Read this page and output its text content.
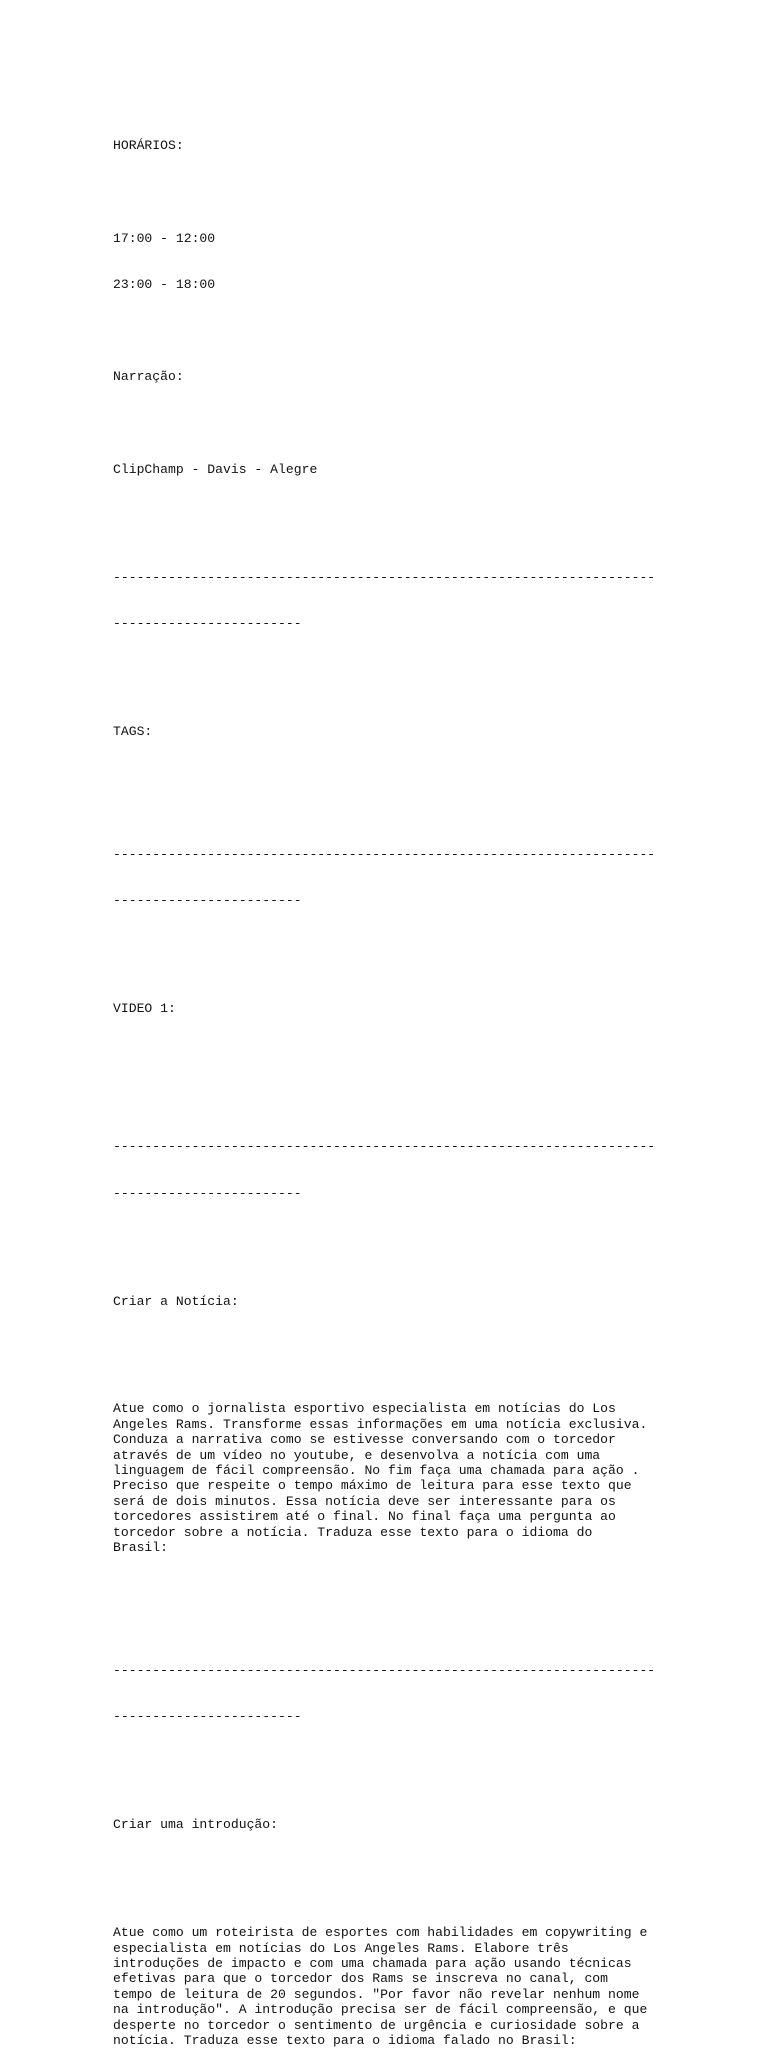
HORÁRIOS:

17:00 - 12:00

23:00 - 18:00

Narração:

ClipChamp - Davis - Alegre

---------------------------------------------------------------------

------------------------

TAGS:

---------------------------------------------------------------------

------------------------

VIDEO 1:

---------------------------------------------------------------------

------------------------

Criar a Notícia:

Atue como o jornalista esportivo especialista em notícias do Los
Angeles Rams. Transforme essas informações em uma notícia exclusiva.
Conduza a narrativa como se estivesse conversando com o torcedor
através de um vídeo no youtube, e desenvolva a notícia com uma
linguagem de fácil compreensão. No fim faça uma chamada para ação .
Preciso que respeite o tempo máximo de leitura para esse texto que
será de dois minutos. Essa notícia deve ser interessante para os
torcedores assistirem até o final. No final faça uma pergunta ao
torcedor sobre a notícia. Traduza esse texto para o idioma do
Brasil:

---------------------------------------------------------------------

------------------------

Criar uma introdução:

Atue como um roteirista de esportes com habilidades em copywriting e
especialista em notícias do Los Angeles Rams. Elabore três
introduções de impacto e com uma chamada para ação usando técnicas
efetivas para que o torcedor dos Rams se inscreva no canal, com
tempo de leitura de 20 segundos. "Por favor não revelar nenhum nome
na introdução". A introdução precisa ser de fácil compreensão, e que
desperte no torcedor o sentimento de urgência e curiosidade sobre a
notícia. Traduza esse texto para o idioma falado no Brasil:
